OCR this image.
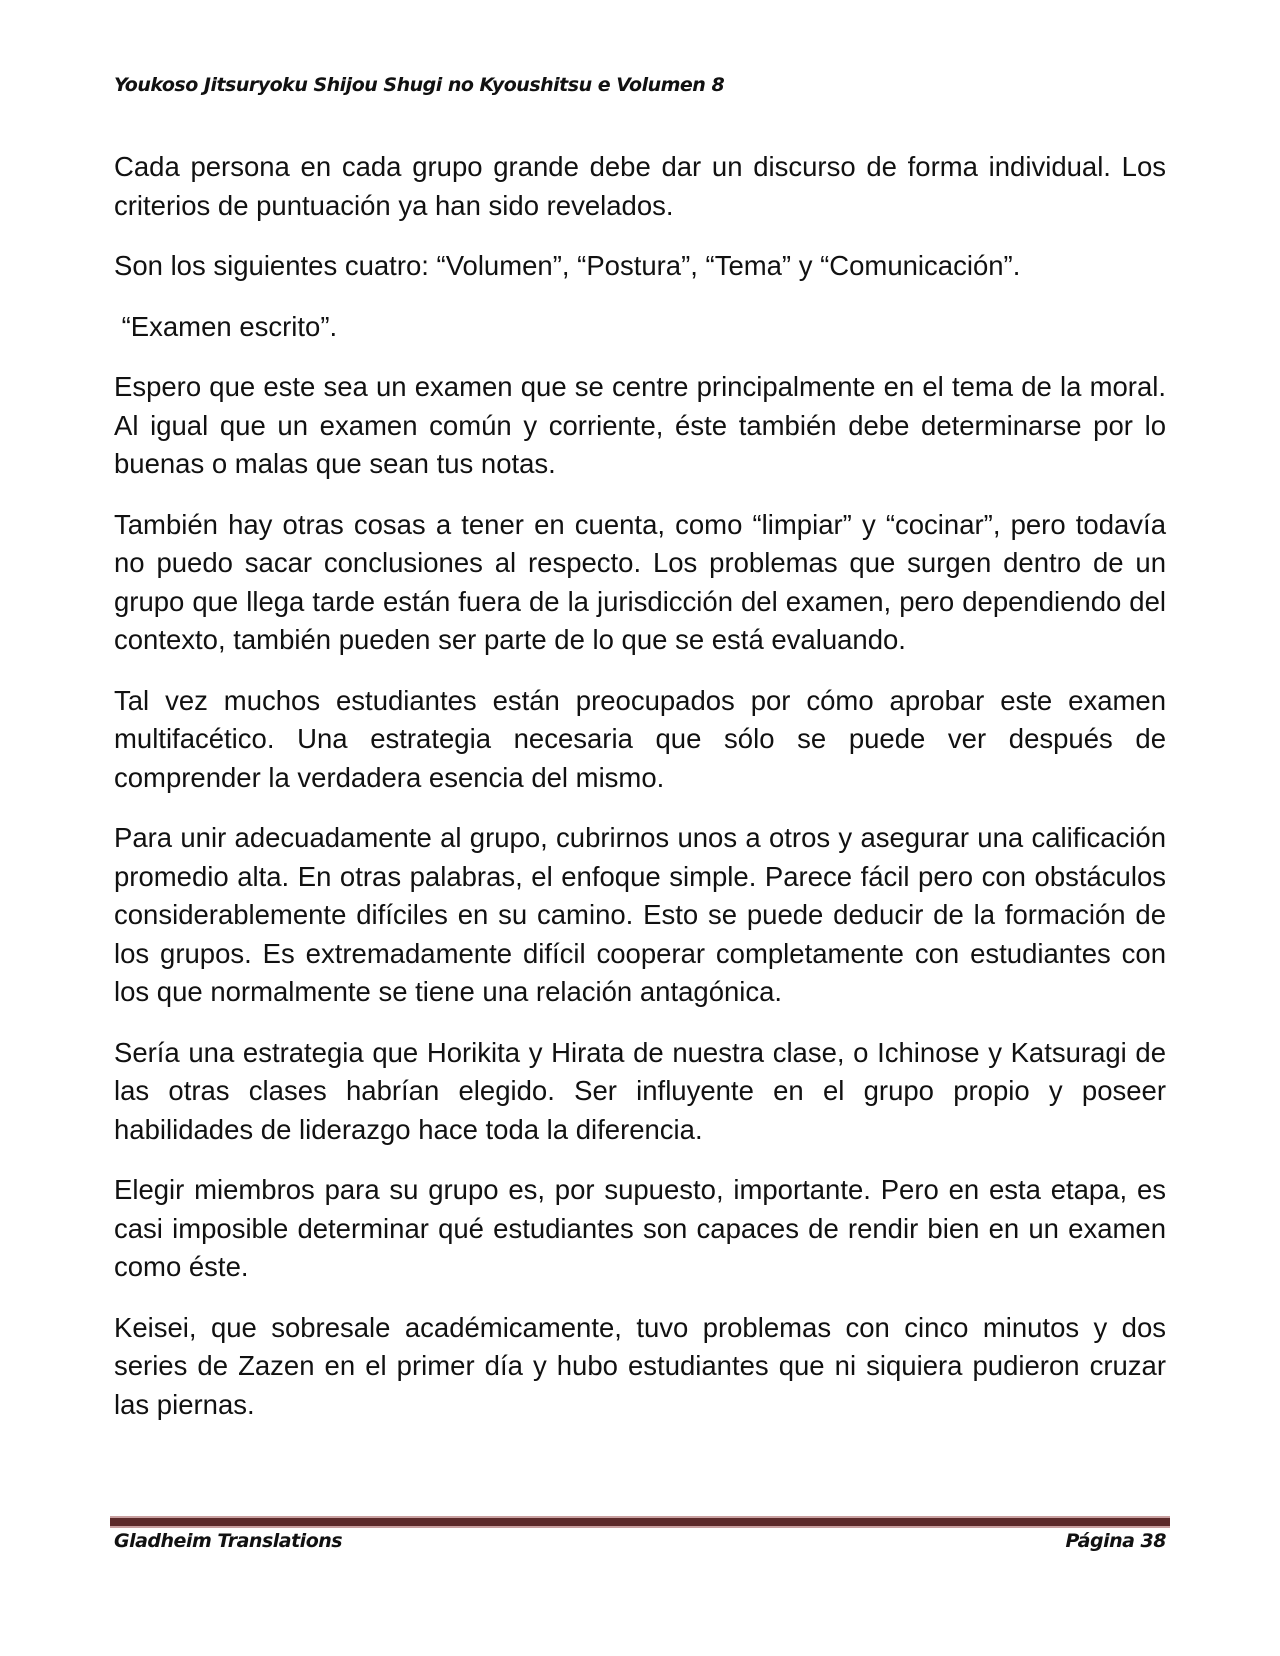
Youkoso Jitsuryoku Shijou Shugi no Kyoushitsu e Volumen 8

Cada persona en cada grupo grande debe dar un discurso de forma individual. Los criterios de puntuación ya han sido revelados.

Son los siguientes cuatro: “Volumen”, “Postura”, “Tema” y “Comunicación”.

“Examen escrito”.

Espero que este sea un examen que se centre principalmente en el tema de la moral. Al igual que un examen común y corriente, éste también debe determinarse por lo buenas o malas que sean tus notas.

También hay otras cosas a tener en cuenta, como “limpiar” y “cocinar”, pero todavía no puedo sacar conclusiones al respecto. Los problemas que surgen dentro de un grupo que llega tarde están fuera de la jurisdicción del examen, pero dependiendo del contexto, también pueden ser parte de lo que se está evaluando.

Tal vez muchos estudiantes están preocupados por cómo aprobar este examen multifacético. Una estrategia necesaria que sólo se puede ver después de comprender la verdadera esencia del mismo.

Para unir adecuadamente al grupo, cubrirnos unos a otros y asegurar una calificación promedio alta. En otras palabras, el enfoque simple. Parece fácil pero con obstáculos considerablemente difíciles en su camino. Esto se puede deducir de la formación de los grupos. Es extremadamente difícil cooperar completamente con estudiantes con los que normalmente se tiene una relación antagónica.

Sería una estrategia que Horikita y Hirata de nuestra clase, o Ichinose y Katsuragi de las otras clases habrían elegido. Ser influyente en el grupo propio y poseer habilidades de liderazgo hace toda la diferencia.

Elegir miembros para su grupo es, por supuesto, importante. Pero en esta etapa, es casi imposible determinar qué estudiantes son capaces de rendir bien en un examen como éste.

Keisei, que sobresale académicamente, tuvo problemas con cinco minutos y dos series de Zazen en el primer día y hubo estudiantes que ni siquiera pudieron cruzar las piernas.

Gladheim Translations	Página 38
